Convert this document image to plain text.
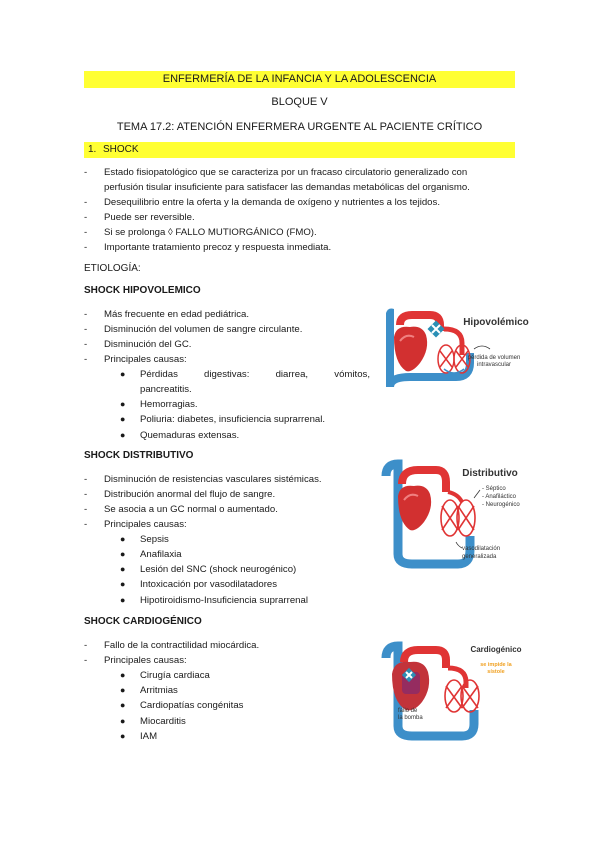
ENFERMERÍA DE LA INFANCIA Y LA ADOLESCENCIA
BLOQUE V
TEMA 17.2: ATENCIÓN ENFERMERA URGENTE AL PACIENTE CRÍTICO
1. SHOCK
- Estado fisiopatológico que se caracteriza por un fracaso circulatorio generalizado con
perfusión tisular insuficiente para satisfacer las demandas metabólicas del organismo.
- Desequilibrio entre la oferta y la demanda de oxígeno y nutrientes a los tejidos.
- Puede ser reversible.
- Si se prolonga ◊ FALLO MUTIORGÁNICO (FMO).
- Importante tratamiento precoz y respuesta inmediata.
ETIOLOGÍA:
SHOCK HIPOVOLEMICO
- Más frecuente en edad pediátrica.
- Disminución del volumen de sangre circulante.
- Disminución del GC.
- Principales causas:
● Pérdidas digestivas: diarrea, vómitos,
pancreatitis.
● Hemorragias.
● Poliuria: diabetes, insuficiencia suprarrenal.
● Quemaduras extensas.
Hipovolémico
pérdida de volumen
intravascular
SHOCK DISTRIBUTIVO
- Disminución de resistencias vasculares sistémicas.
- Distribución anormal del flujo de sangre.
- Se asocia a un GC normal o aumentado.
- Principales causas:
● Sepsis
● Anafilaxia
● Lesión del SNC (shock neurogénico)
● Intoxicación por vasodilatadores
● Hipotiroidismo-Insuficiencia suprarrenal
Distributivo
- Séptico
- Anafiláctico
- Neurogénico
vasodilatación
generalizada
SHOCK CARDIOGÉNICO
- Fallo de la contractilidad miocárdica.
- Principales causas:
● Cirugía cardiaca
● Arritmias
● Cardiopatías congénitas
● Miocarditis
● IAM
Cardiogénico
se impide la
sístole
fallo de
la bomba
